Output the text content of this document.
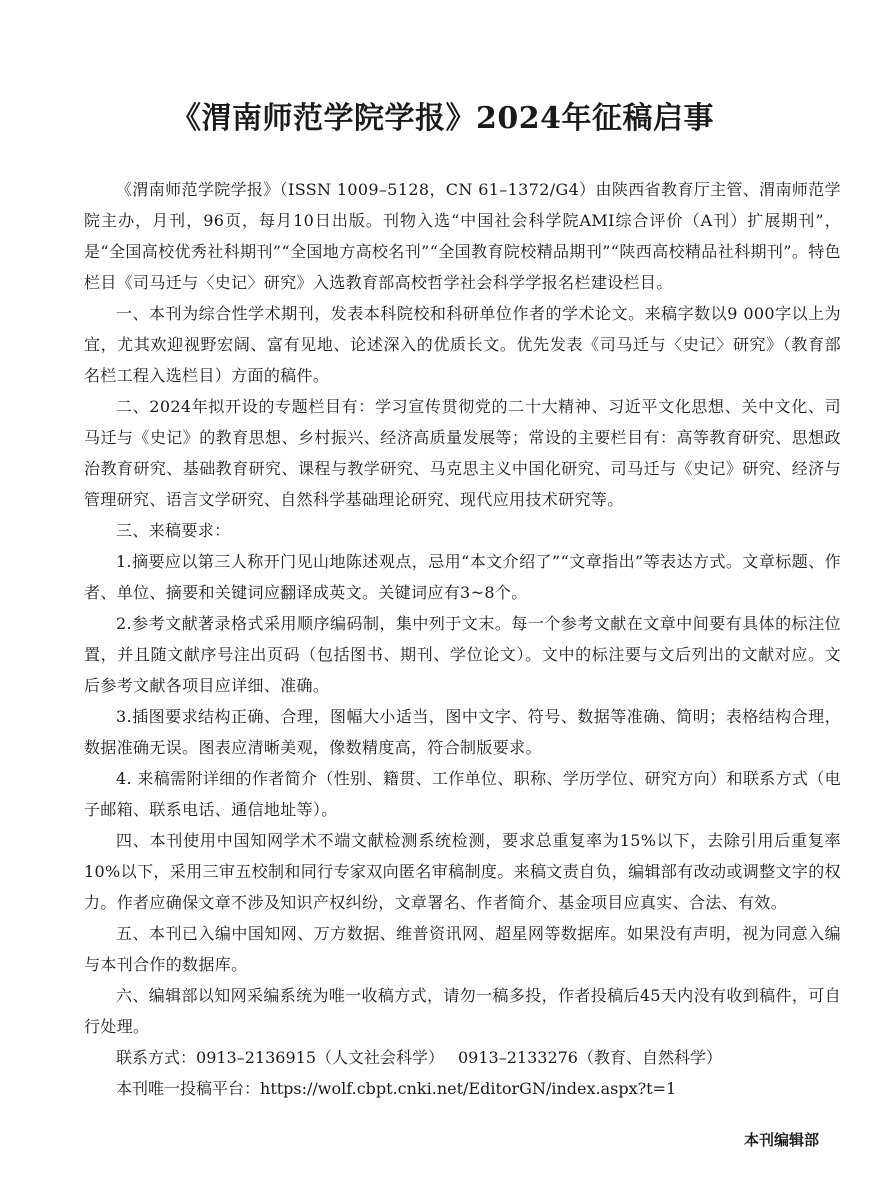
《渭南师范学院学报》2024年征稿启事

《渭南师范学院学报》（ISSN 1009–5128，CN 61–1372/G4）由陕西省教育厅主管、渭南师范学院主办，月刊，96页，每月10日出版。刊物入选“中国社会科学院AMI综合评价（A刊）扩展期刊”，是“全国高校优秀社科期刊”“全国地方高校名刊”“全国教育院校精品期刊”“陕西高校精品社科期刊”。特色栏目《司马迁与〈史记〉研究》入选教育部高校哲学社会科学学报名栏建设栏目。

一、本刊为综合性学术期刊，发表本科院校和科研单位作者的学术论文。来稿字数以9 000字以上为宜，尤其欢迎视野宏阔、富有见地、论述深入的优质长文。优先发表《司马迁与〈史记〉研究》（教育部名栏工程入选栏目）方面的稿件。

二、2024年拟开设的专题栏目有：学习宣传贯彻党的二十大精神、习近平文化思想、关中文化、司马迁与《史记》的教育思想、乡村振兴、经济高质量发展等；常设的主要栏目有：高等教育研究、思想政治教育研究、基础教育研究、课程与教学研究、马克思主义中国化研究、司马迁与《史记》研究、经济与管理研究、语言文学研究、自然科学基础理论研究、现代应用技术研究等。

三、来稿要求：

1.摘要应以第三人称开门见山地陈述观点，忌用“本文介绍了”“文章指出”等表达方式。文章标题、作者、单位、摘要和关键词应翻译成英文。关键词应有3~8个。

2.参考文献著录格式采用顺序编码制，集中列于文末。每一个参考文献在文章中间要有具体的标注位置，并且随文献序号注出页码（包括图书、期刊、学位论文）。文中的标注要与文后列出的文献对应。文后参考文献各项目应详细、准确。

3.插图要求结构正确、合理，图幅大小适当，图中文字、符号、数据等准确、简明；表格结构合理，数据准确无误。图表应清晰美观，像数精度高，符合制版要求。

4. 来稿需附详细的作者简介（性别、籍贯、工作单位、职称、学历学位、研究方向）和联系方式（电子邮箱、联系电话、通信地址等）。

四、本刊使用中国知网学术不端文献检测系统检测，要求总重复率为15%以下，去除引用后重复率10%以下，采用三审五校制和同行专家双向匿名审稿制度。来稿文责自负，编辑部有改动或调整文字的权力。作者应确保文章不涉及知识产权纠纷，文章署名、作者简介、基金项目应真实、合法、有效。

五、本刊已入编中国知网、万方数据、维普资讯网、超星网等数据库。如果没有声明，视为同意入编与本刊合作的数据库。

六、编辑部以知网采编系统为唯一收稿方式，请勿一稿多投，作者投稿后45天内没有收到稿件，可自行处理。

联系方式：0913–2136915（人文社会科学） 0913–2133276（教育、自然科学）

本刊唯一投稿平台：https://wolf.cbpt.cnki.net/EditorGN/index.aspx?t=1

本刊编辑部
